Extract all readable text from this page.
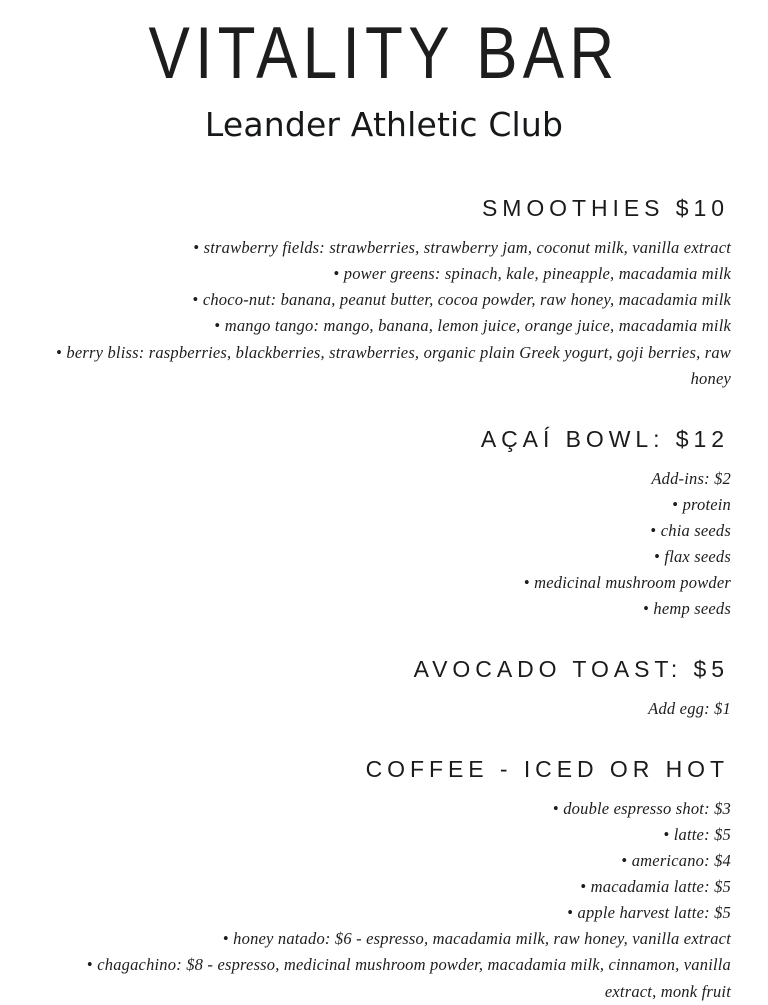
VITALITY BAR
Leander Athletic Club
SMOOTHIES $10
• strawberry fields: strawberries, strawberry jam, coconut milk, vanilla extract
• power greens: spinach, kale, pineapple, macadamia milk
• choco-nut: banana, peanut butter, cocoa powder, raw honey, macadamia milk
• mango tango: mango, banana, lemon juice, orange juice, macadamia milk
• berry bliss: raspberries, blackberries, strawberries, organic plain Greek yogurt, goji berries, raw honey
AÇAÍ BOWL: $12
Add-ins: $2
• protein
• chia seeds
• flax seeds
• medicinal mushroom powder
• hemp seeds
AVOCADO TOAST: $5
Add egg: $1
COFFEE - ICED OR HOT
• double espresso shot: $3
• latte: $5
• americano: $4
• macadamia latte: $5
• apple harvest latte: $5
• honey natado: $6 - espresso, macadamia milk, raw honey, vanilla extract
• chagachino: $8 - espresso, medicinal mushroom powder, macadamia milk, cinnamon, vanilla extract, monk fruit
